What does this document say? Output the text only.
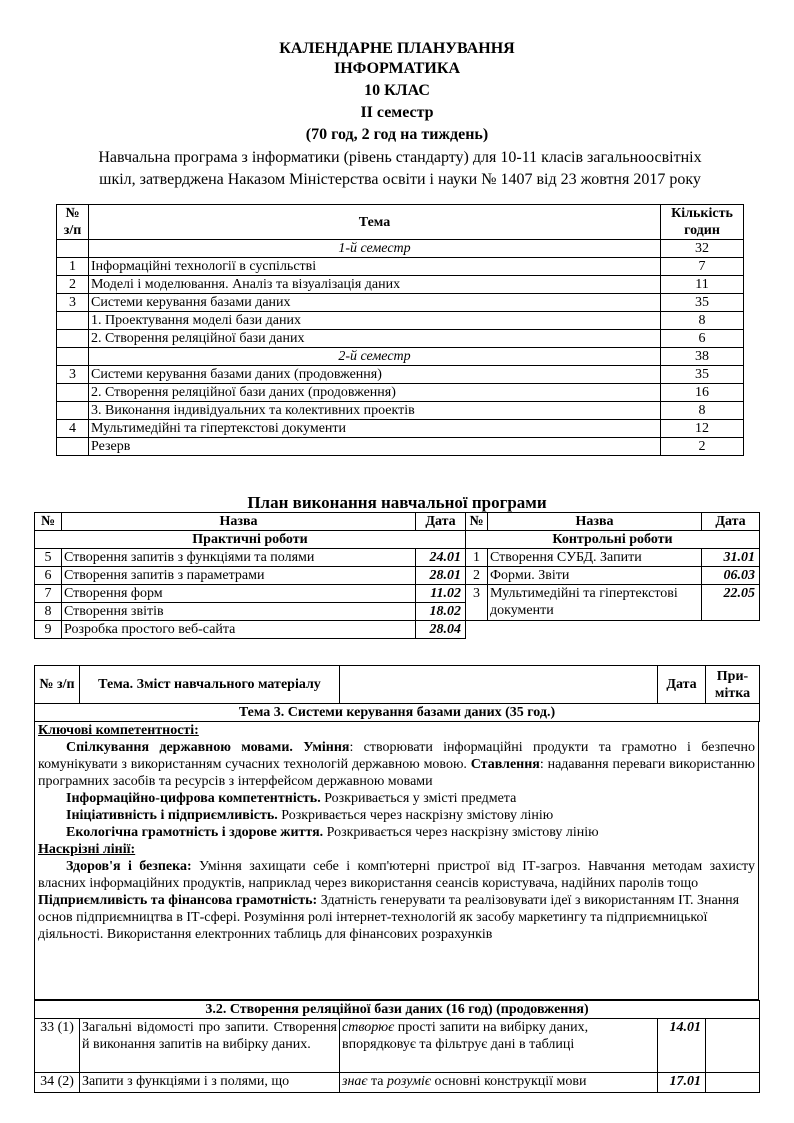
КАЛЕНДАРНЕ ПЛАНУВАННЯ
ІНФОРМАТИКА
10 КЛАС
ІІ семестр
(70 год, 2 год на тиждень)
Навчальна програма з інформатики (рівень стандарту) для 10-11 класів загальноосвітніх
шкіл, затверджена Наказом Міністерства освіти і науки № 1407 від 23 жовтня 2017 року
№ з/п	Тема	Кількість годин
	1-й семестр	32
1	Інформаційні технології в суспільстві	7
2	Моделі і моделювання. Аналіз та візуалізація даних	11
3	Системи керування базами даних	35
	1. Проектування моделі бази даних	8
	2. Створення реляційної бази даних	6
	2-й семестр	38
3	Системи керування базами даних (продовження)	35
	2. Створення реляційної бази даних (продовження)	16
	3. Виконання індивідуальних та колективних проектів	8
4	Мультимедійні та гіпертекстові документи	12
	Резерв	2
План виконання навчальної програми
№	Назва	Дата	№	Назва	Дата
Практичні роботи			Контрольні роботи		
5	Створення запитів з функціями та полями	24.01	1	Створення СУБД. Запити	31.01
6	Створення запитів з параметрами	28.01	2	Форми. Звіти	06.03
7	Створення форм	11.02	3	Мультимедійні та гіпертекстові документи	22.05
8	Створення звітів	18.02			
9	Розробка простого веб-сайта	28.04			
№ з/п	Тема. Зміст навчального матеріалу		Дата	При-мітка
Тема 3. Системи керування базами даних (35 год.)

Ключові компетентності:

Спілкування державною мовами. Уміння: створювати інформаційні продукти та грамотно і безпечно комунікувати з використанням сучасних технологій державною мовою. Ставлення: надавання переваги використанню програмних засобів та ресурсів з інтерфейсом державною мовами

Інформаційно-цифрова компетентність. Розкривається у змісті предмета

Ініціативність і підприємливість. Розкривається через наскрізну змістову лінію

Екологічна грамотність і здорове життя. Розкривається через наскрізну змістову лінію

Наскрізні лінії:

Здоров'я і безпека: Уміння захищати себе і комп'ютерні пристрої від ІТ-загроз. Навчання методам захисту власних інформаційних продуктів, наприклад через використання сеансів користувача, надійних паролів тощо

Підприємливість та фінансова грамотність: Здатність генерувати та реалізовувати ідеї з використанням ІТ. Знання основ підприємництва в ІТ-сфері. Розуміння ролі інтернет-технологій як засобу маркетингу та підприємницької діяльності. Використання електронних таблиць для фінансових розрахунків

3.2. Створення реляційної бази даних (16 год) (продовження)				
33 (1)	Загальні відомості про запити. Створення й виконання запитів на вибірку даних.	створює прості запити на вибірку даних, впорядковує та фільтрує дані в таблиці	14.01	
34 (2)	Запити з функціями і з полями, що	знає та розуміє основні конструкції мови	17.01	
